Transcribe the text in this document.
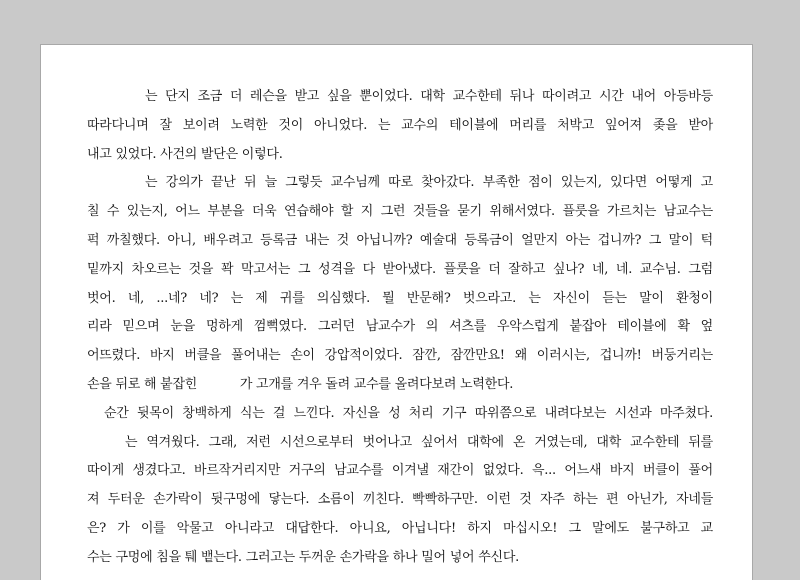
는 단지 조금 더 레슨을 받고 싶을 뿐이었다. 대학 교수한테 뒤나 따이려고 시간 내어 아등바등
따라다니며 잘 보이려 노력한 것이 아니었다. 는 교수의 테이블에 머리를 처박고 잎어져 좆을 받아
내고 있었다. 사건의 발단은 이렇다.
는 강의가 끝난 뒤 늘 그렇듯 교수님께 따로 찾아갔다. 부족한 점이 있는지, 있다면 어떻게 고
칠 수 있는지, 어느 부분을 더욱 연습해야 할 지 그런 것들을 묻기 위해서였다. 플룻을 가르치는 남교수는
퍽 까칠했다. 아니, 배우려고 등록금 내는 것 아닙니까? 예술대 등록금이 얼만지 아는 겁니까? 그 말이 턱
밑까지 차오르는 것을 꽉 막고서는 그 성격을 다 받아냈다. 플룻을 더 잘하고 싶나? 네, 네. 교수님. 그럼
벗어. 네, ...네? 네? 는 제 귀를 의심했다. 뭘 반문해? 벗으라고. 는 자신이 듣는 말이 환청이
리라 믿으며 눈을 멍하게 껌뻑였다. 그러던 남교수가 의 셔츠를 우악스럽게 붙잡아 테이블에 확 엎
어뜨렸다. 바지 버클을 풀어내는 손이 강압적이었다. 잠깐, 잠깐만요! 왜 이러시는, 겁니까! 버둥거리는
손을 뒤로 해 붙잡힌           가 고개를 겨우 돌려 교수를 올려다보려 노력한다.
순간 뒷목이 창백하게 식는 걸 느낀다. 자신을 성 처리 기구 따위쯤으로 내려다보는 시선과 마주쳤다.
는 역겨웠다. 그래, 저런 시선으로부터 벗어나고 싶어서 대학에 온 거였는데, 대학 교수한테 뒤를
따이게 생겼다고. 바르작거리지만 거구의 남교수를 이겨낼 재간이 없었다. 윽... 어느새 바지 버클이 풀어
져 두터운 손가락이 뒷구멍에 닿는다. 소름이 끼친다. 빡빡하구만. 이런 것 자주 하는 편 아닌가, 자네들
은? 가 이를 악물고 아니라고 대답한다. 아니요, 아닙니다! 하지 마십시오! 그 말에도 불구하고 교
수는 구멍에 침을 퉤 뱉는다. 그러고는 두꺼운 손가락을 하나 밀어 넣어 쑤신다.
